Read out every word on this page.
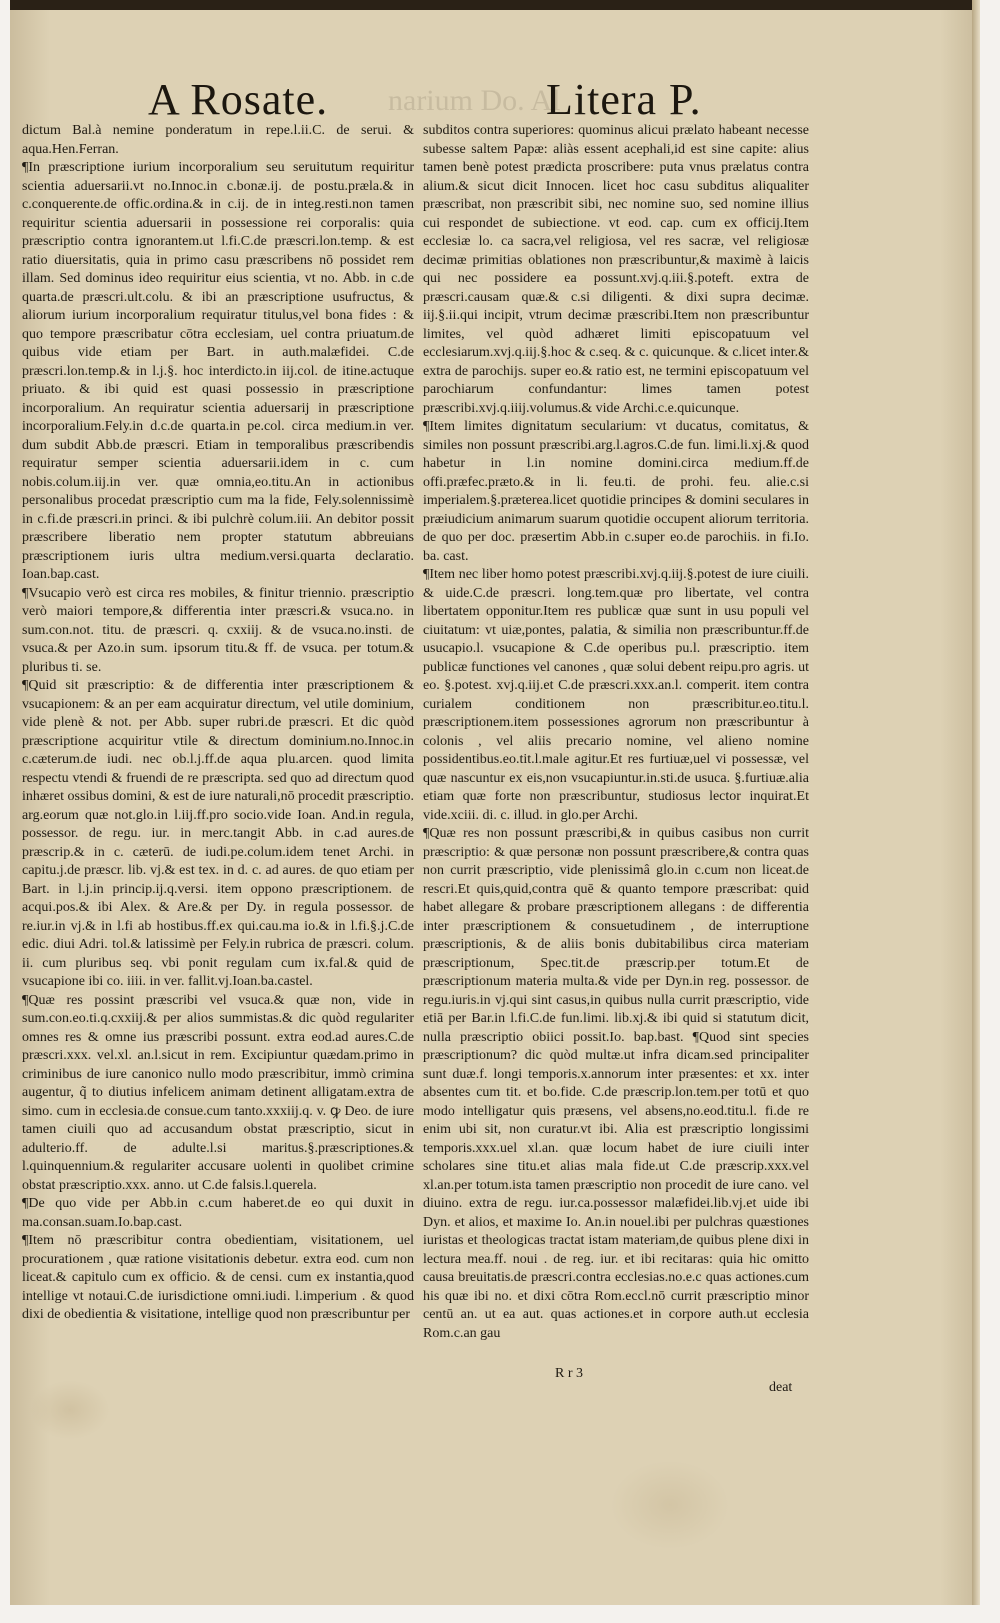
A Rosate. narium Do. Al
Litera P.

dictum Bal.à nemine ponderatum in repe.l.ii.C. de serui. & aqua.Hen.Ferran.

¶In præscriptione iurium incorporalium seu seruitutum requiritur scientia aduersarii.vt no.Innoc.in c.bonæ.ij. de postu.præla.& in c.conquerente.de offic.ordina.& in c.ij. de in integ.resti.non tamen requiritur scientia aduersarii in possessione rei corporalis: quia præscriptio contra ignorantem.ut l.fi.C.de præscri.lon.temp. & est ratio diuersitatis, quia in primo casu præscribens nō possidet rem illam. Sed dominus ideo requiritur eius scientia, vt no. Abb. in c.de quarta.de præscri.ult.colu. & ibi an præscriptione usufructus, & aliorum iurium incorporalium requiratur titulus,vel bona fides : & quo tempore præscribatur cōtra ecclesiam, uel contra priuatum.de quibus vide etiam per Bart. in auth.malæfidei. C.de præscri.lon.temp.& in l.j.§. hoc interdicto.in iij.col. de itine.actuque priuato. & ibi quid est quasi possessio in præscriptione incorporalium. An requiratur scientia aduersarij in præscriptione incorporalium.Fely.in d.c.de quarta.in pe.col. circa medium.in ver. dum subdit Abb.de præscri. Etiam in temporalibus præscribendis requiratur semper scientia aduersarii.idem in c. cum nobis.colum.iij.in ver. quæ omnia,eo.titu.An in actionibus personalibus procedat præscriptio cum ma la fide, Fely.solennissimè in c.fi.de præscri.in princi. & ibi pulchrè colum.iii. An debitor possit præscribere liberatio nem propter statutum abbreuians præscriptionem iuris ultra medium.versi.quarta declaratio. Ioan.bap.cast.

¶Vsucapio verò est circa res mobiles, & finitur triennio. præscriptio verò maiori tempore,& differentia inter præscri.& vsuca.no. in sum.con.not. titu. de præscri. q. cxxiij. & de vsuca.no.insti. de vsuca.& per Azo.in sum. ipsorum titu.& ff. de vsuca. per totum.& pluribus ti. se.

¶Quid sit præscriptio: & de differentia inter præscriptionem & vsucapionem: & an per eam acquiratur directum, vel utile dominium, vide plenè & not. per Abb. super rubri.de præscri. Et dic quòd præscriptione acquiritur vtile & directum dominium.no.Innoc.in c.cæterum.de iudi. nec ob.l.j.ff.de aqua plu.arcen. quod limita respectu vtendi & fruendi de re præscripta. sed quo ad directum quod inhæret ossibus domini, & est de iure naturali,nō procedit præscriptio. arg.eorum quæ not.glo.in l.iij.ff.pro socio.vide Ioan. And.in regula, possessor. de regu. iur. in merc.tangit Abb. in c.ad aures.de præscrip.& in c. cæterū. de iudi.pe.colum.idem tenet Archi. in capitu.j.de præscr. lib. vj.& est tex. in d. c. ad aures. de quo etiam per Bart. in l.j.in princip.ij.q.versi. item oppono præscriptionem. de acqui.pos.& ibi Alex. & Are.& per Dy. in regula possessor. de re.iur.in vj.& in l.fi ab hostibus.ff.ex qui.cau.ma io.& in l.fi.§.j.C.de edic. diui Adri. tol.& latissimè per Fely.in rubrica de præscri. colum. ii. cum pluribus seq. vbi ponit regulam cum ix.fal.& quid de vsucapione ibi co. iiii. in ver. fallit.vj.Ioan.ba.castel.

¶Quæ res possint præscribi vel vsuca.& quæ non, vide in sum.con.eo.ti.q.cxxiij.& per alios summistas.& dic quòd regulariter omnes res & omne ius præscribi possunt. extra eod.ad aures.C.de præscri.xxx. vel.xl. an.l.sicut in rem. Excipiuntur quædam.primo in criminibus de iure canonico nullo modo præscribitur, immò crimina augentur, q̃ to diutius infelicem animam detinent alligatam.extra de simo. cum in ecclesia.de consue.cum tanto.xxxiij.q. v. ꝙ Deo. de iure tamen ciuili quo ad accusandum obstat præscriptio, sicut in adulterio.ff. de adulte.l.si maritus.§.præscriptiones.& l.quinquennium.& regulariter accusare uolenti in quolibet crimine obstat præscriptio.xxx. anno. ut C.de falsis.l.querela.

¶De quo vide per Abb.in c.cum haberet.de eo qui duxit in ma.consan.suam.Io.bap.cast.

¶Item nō præscribitur contra obedientiam, visitationem, uel procurationem , quæ ratione visitationis debetur. extra eod. cum non liceat.& capitulo cum ex officio. & de censi. cum ex instantia,quod intellige vt notaui.C.de iurisdictione omni.iudi. l.imperium . & quod dixi de obedientia & visitatione, intellige quod non præscribuntur per

subditos contra superiores: quominus alicui prælato habeant necesse subesse saltem Papæ: aliàs essent acephali,id est sine capite: alius tamen benè potest prædicta proscribere: puta vnus prælatus contra alium.& sicut dicit Innocen. licet hoc casu subditus aliqualiter præscribat, non præscribit sibi, nec nomine suo, sed nomine illius cui respondet de subiectione. vt eod. cap. cum ex officij.Item ecclesiæ lo. ca sacra,vel religiosa, vel res sacræ, vel religiosæ decimæ primitias oblationes non præscribuntur,& maximè à laicis qui nec possidere ea possunt.xvj.q.iii.§.poteft. extra de præscri.causam quæ.& c.si diligenti. & dixi supra decimæ. iij.§.ii.qui incipit, vtrum decimæ præscribi.Item non præscribuntur limites, vel quòd adhæret limiti episcopatuum vel ecclesiarum.xvj.q.iij.§.hoc & c.seq. & c. quicunque. & c.licet inter.& extra de parochijs. super eo.& ratio est, ne termini episcopatuum vel parochiarum confundantur: limes tamen potest præscribi.xvj.q.iiij.volumus.& vide Archi.c.e.quicunque.

¶Item limites dignitatum secularium: vt ducatus, comitatus, & similes non possunt præscribi.arg.l.agros.C.de fun. limi.li.xj.& quod habetur in l.in nomine domini.circa medium.ff.de offi.præfec.præto.& in li. feu.ti. de prohi. feu. alie.c.si imperialem.§.præterea.licet quotidie principes & domini seculares in præiudicium animarum suarum quotidie occupent aliorum territoria. de quo per doc. præsertim Abb.in c.super eo.de parochiis. in fi.Io. ba. cast.

¶Item nec liber homo potest præscribi.xvj.q.iij.§.potest de iure ciuili. & uide.C.de præscri. long.tem.quæ pro libertate, vel contra libertatem opponitur.Item res publicæ quæ sunt in usu populi vel ciuitatum: vt uiæ,pontes, palatia, & similia non præscribuntur.ff.de usucapio.l. vsucapione & C.de operibus pu.l. præscriptio. item publicæ functiones vel canones , quæ solui debent reipu.pro agris. ut eo. §.potest. xvj.q.iij.et C.de præscri.xxx.an.l. comperit. item contra curialem conditionem non præscribitur.eo.titu.l. præscriptionem.item possessiones agrorum non præscribuntur à colonis , vel aliis precario nomine, vel alieno nomine possidentibus.eo.tit.l.male agitur.Et res furtiuæ,uel vi possessæ, vel quæ nascuntur ex eis,non vsucapiuntur.in.sti.de usuca. §.furtiuæ.alia etiam quæ forte non præscribuntur, studiosus lector inquirat.Et vide.xciii. di. c. illud. in glo.per Archi.

¶Quæ res non possunt præscribi,& in quibus casibus non currit præscriptio: & quæ personæ non possunt præscribere,& contra quas non currit præscriptio, vide plenissimâ glo.in c.cum non liceat.de rescri.Et quis,quid,contra quē & quanto tempore præscribat: quid habet allegare & probare præscriptionem allegans : de differentia inter præscriptionem & consuetudinem , de interruptione præscriptionis, & de aliis bonis dubitabilibus circa materiam præscriptionum, Spec.tit.de præscrip.per totum.Et de præscriptionum materia multa.& vide per Dyn.in reg. possessor. de regu.iuris.in vj.qui sint casus,in quibus nulla currit præscriptio, vide etiā per Bar.in l.fi.C.de fun.limi. lib.xj.& ibi quid si statutum dicit, nulla præscriptio obiici possit.Io. bap.bast. ¶Quod sint species præscriptionum? dic quòd multæ.ut infra dicam.sed principaliter sunt duæ.f. longi temporis.x.annorum inter præsentes: et xx. inter absentes cum tit. et bo.fide. C.de præscrip.lon.tem.per totū et quo modo intelligatur quis præsens, vel absens,no.eod.titu.l. fi.de re enim ubi sit, non curatur.vt ibi. Alia est præscriptio longissimi temporis.xxx.uel xl.an. quæ locum habet de iure ciuili inter scholares sine titu.et alias mala fide.ut C.de præscrip.xxx.vel xl.an.per totum.ista tamen præscriptio non procedit de iure cano. vel diuino. extra de regu. iur.ca.possessor malæfidei.lib.vj.et uide ibi Dyn. et alios, et maxime Io. An.in nouel.ibi per pulchras quæstiones iuristas et theologicas tractat istam materiam,de quibus plene dixi in lectura mea.ff. noui . de reg. iur. et ibi recitaras: quia hic omitto causa breuitatis.de præscri.contra ecclesias.no.e.c quas actiones.cum his quæ ibi no. et dixi cōtra Rom.eccl.nō currit præscriptio minor centū an. ut ea aut. quas actiones.et in corpore auth.ut ecclesia Rom.c.an gau

R r 3
deat
